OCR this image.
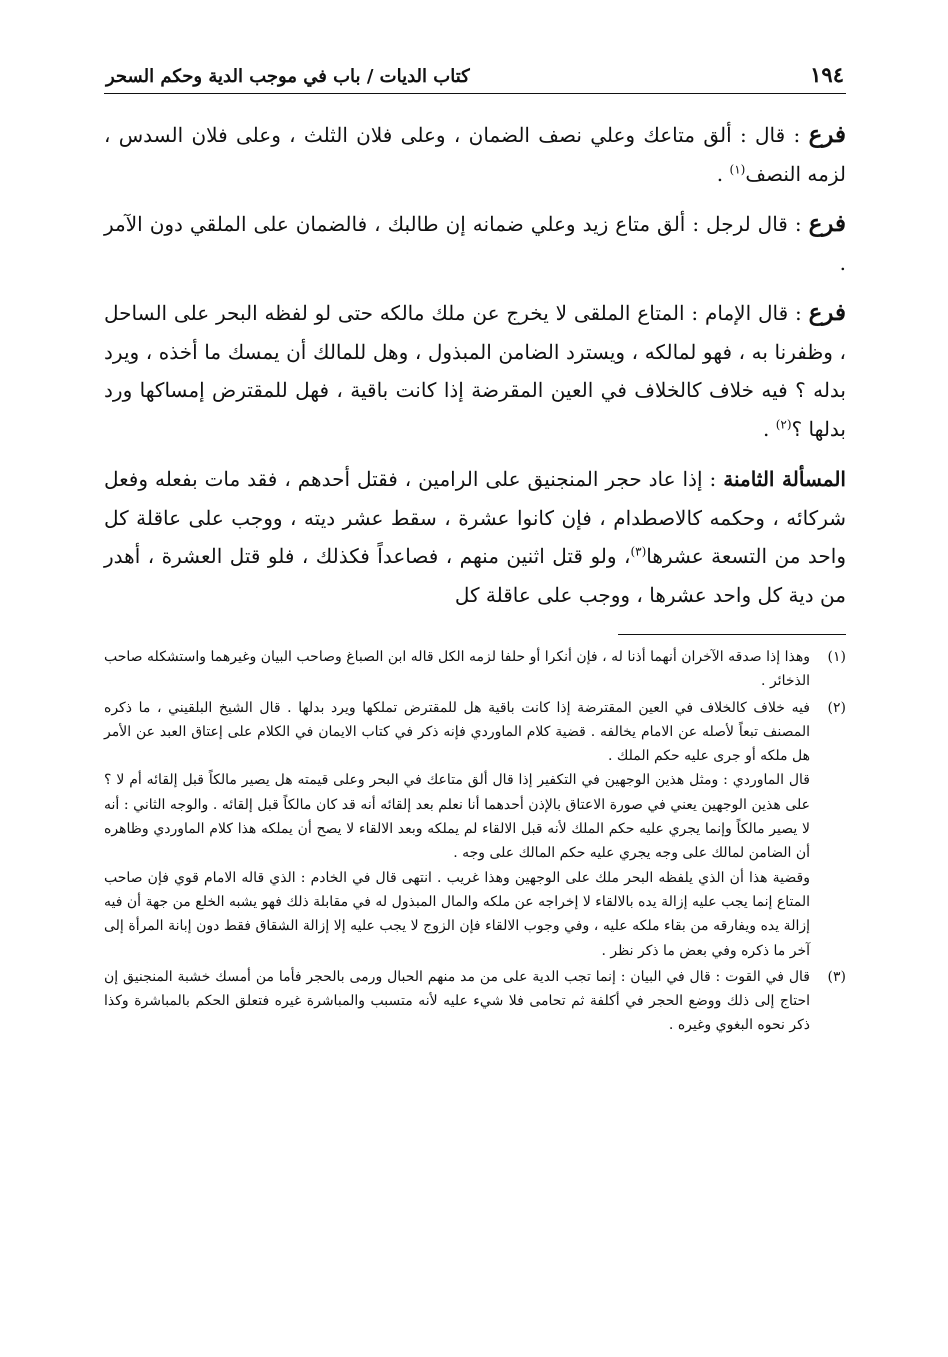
١٩٤
كتاب الديات / باب في موجب الدية وحكم السحر

فرع : قال : ألق متاعك وعلي نصف الضمان ، وعلى فلان الثلث ، وعلى فلان السدس ، لزمه النصف$^{(١)}$ .

فرع : قال لرجل : ألق متاع زيد وعلي ضمانه إن طالبك ، فالضمان على الملقي دون الآمر .

فرع : قال الإمام : المتاع الملقى لا يخرج عن ملك مالكه حتى لو لفظه البحر على الساحل ، وظفرنا به ، فهو لمالكه ، ويسترد الضامن المبذول ، وهل للمالك أن يمسك ما أخذه ، ويرد بدله ؟ فيه خلاف كالخلاف في العين المقرضة إذا كانت باقية ، فهل للمقترض إمساكها ورد بدلها ؟$^{(٢)}$ .

المسألة الثامنة : إذا عاد حجر المنجنيق على الرامين ، فقتل أحدهم ، فقد مات بفعله وفعل شركائه ، وحكمه كالاصطدام ، فإن كانوا عشرة ، سقط عشر ديته ، ووجب على عاقلة كل واحد من التسعة عشرها$^{(٣)}$، ولو قتل اثنين منهم ، فصاعداً فكذلك ، فلو قتل العشرة ، أهدر من دية كل واحد عشرها ، ووجب على عاقلة كل

(١)

وهذا إذا صدقه الآخران أنهما أذنا له ، فإن أنكرا أو حلفا لزمه الكل قاله ابن الصباغ وصاحب البيان وغيرهما واستشكله صاحب الذخائر .

(٢)

فيه خلاف كالخلاف في العين المقترضة إذا كانت باقية هل للمقترض تملكها ويرد بدلها . قال الشيخ البلقيني ، ما ذكره المصنف تبعاً لأصله عن الامام يخالفه . قضية كلام الماوردي فإنه ذكر في كتاب الايمان في الكلام على إعتاق العبد عن الأمر هل ملكه أو جرى عليه حكم الملك .

قال الماوردي : ومثل هذين الوجهين في التكفير إذا قال ألق متاعك في البحر وعلى قيمته هل يصير مالكاً قبل إلقائه أم لا ؟ على هذين الوجهين يعني في صورة الاعتاق بالإذن أحدهما أنا نعلم بعد إلقائه أنه قد كان مالكاً قبل إلقائه . والوجه الثاني : أنه لا يصير مالكاً وإنما يجري عليه حكم الملك لأنه قبل الالقاء لم يملكه وبعد الالقاء لا يصح أن يملكه هذا كلام الماوردي وظاهره أن الضامن لمالك على وجه يجري عليه حكم المالك على وجه .

وقضية هذا أن الذي يلفظه البحر ملك على الوجهين وهذا غريب . انتهى قال في الخادم : الذي قاله الامام قوي فإن صاحب المتاع إنما يجب عليه إزالة يده بالالقاء لا إخراجه عن ملكه والمال المبذول له في مقابلة ذلك فهو يشبه الخلع من جهة أن فيه إزالة يده ويفارقه من بقاء ملكه عليه ، وفي وجوب الالقاء فإن الزوج لا يجب عليه إلا إزالة الشقاق فقط دون إبانة المرأة إلى آخر ما ذكره وفي بعض ما ذكر نظر .

(٣)

قال في القوت : قال في البيان : إنما تجب الدية على من مد منهم الحبال ورمى بالحجر فأما من أمسك خشبة المنجنيق إن احتاج إلى ذلك ووضع الحجر في أكلفة ثم تحامى فلا شيء عليه لأنه متسبب والمباشرة غيره فتعلق الحكم بالمباشرة وكذا ذكر نحوه البغوي وغيره .
